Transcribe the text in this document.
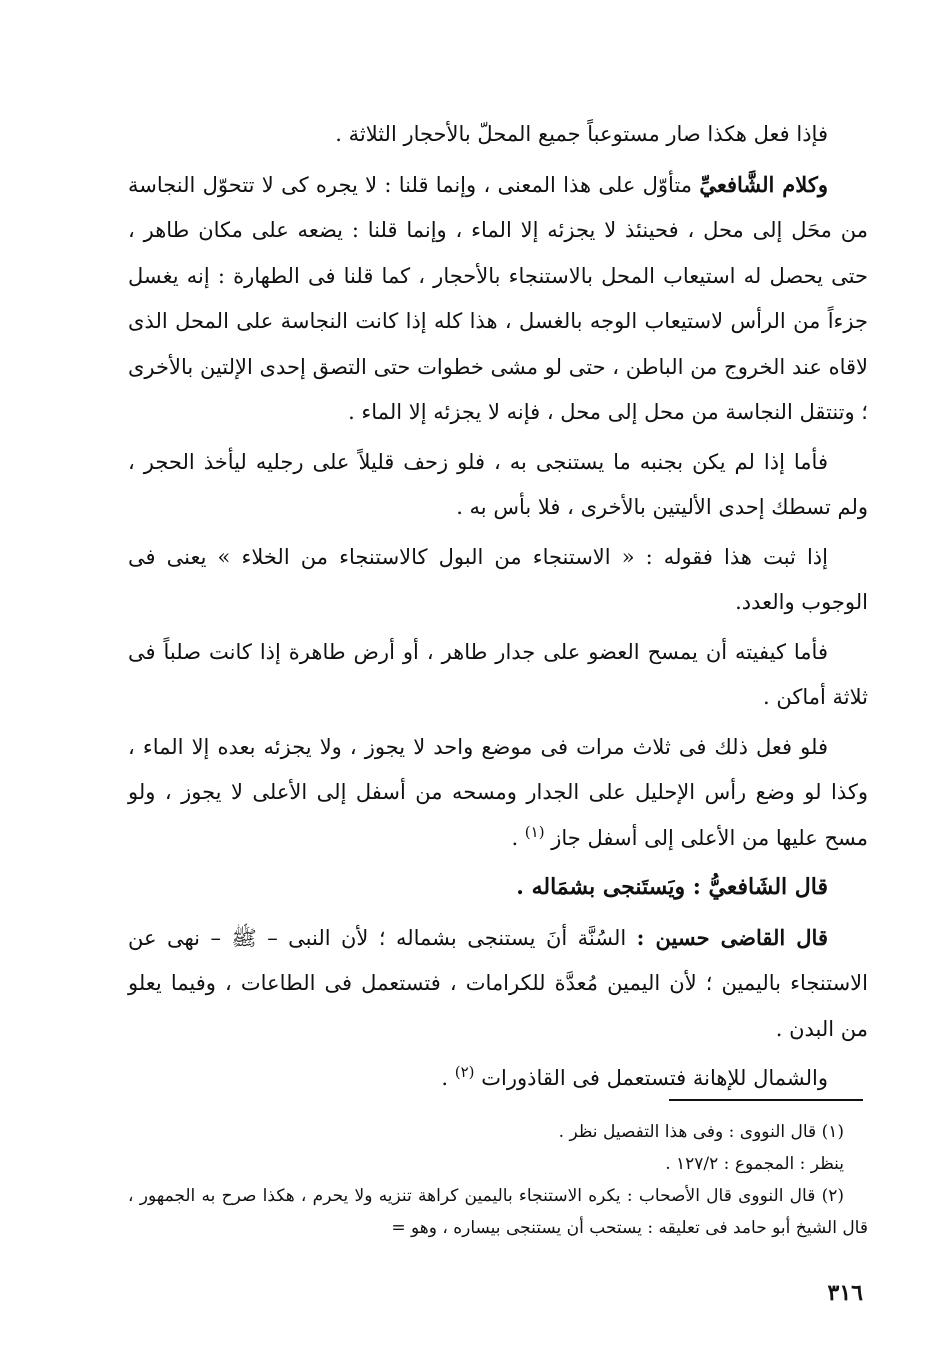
فإذا فعل هكذا صار مستوعباً جميع المحلّ بالأحجار الثلاثة .

وكلام الشَّافعيِّ متأوّل على هذا المعنى ، وإنما قلنا : لا يجره كى لا تتحوّل النجاسة من محَل إلى محل ، فحينئذ لا يجزئه إلا الماء ، وإنما قلنا : يضعه على مكان طاهر ، حتى يحصل له استيعاب المحل بالاستنجاء بالأحجار ، كما قلنا فى الطهارة : إنه يغسل جزءاً من الرأس لاستيعاب الوجه بالغسل ، هذا كله إذا كانت النجاسة على المحل الذى لاقاه عند الخروج من الباطن ، حتى لو مشى خطوات حتى التصق إحدى الإلتين بالأخرى ؛ وتنتقل النجاسة من محل إلى محل ، فإنه لا يجزئه إلا الماء .

فأما إذا لم يكن بجنبه ما يستنجى به ، فلو زحف قليلاً على رجليه ليأخذ الحجر ، ولم تسطك إحدى الأليتين بالأخرى ، فلا بأس به .

إذا ثبت هذا فقوله : « الاستنجاء من البول كالاستنجاء من الخلاء » يعنى فى الوجوب والعدد.

فأما كيفيته أن يمسح العضو على جدار طاهر ، أو أرض طاهرة إذا كانت صلباً فى ثلاثة أماكن .

فلو فعل ذلك فى ثلاث مرات فى موضع واحد لا يجوز ، ولا يجزئه بعده إلا الماء ، وكذا لو وضع رأس الإحليل على الجدار ومسحه من أسفل إلى الأعلى لا يجوز ، ولو مسح عليها من الأعلى إلى أسفل جاز $^{(١)}$ .

قال الشَافعيُّ : ويَستَنجى بشمَاله .

قال القاضى حسين : السُنَّة أنَ يستنجى بشماله ؛ لأن النبى – ﷺ – نهى عن الاستنجاء باليمين ؛ لأن اليمين مُعدَّة للكرامات ، فتستعمل فى الطاعات ، وفيما يعلو من البدن .

والشمال للإهانة فتستعمل فى القاذورات $^{(٢)}$ .

(١) قال النووى : وفى هذا التفصيل نظر .

ينظر : المجموع : ١٢٧/٢ .

(٢) قال النووى قال الأصحاب : يكره الاستنجاء باليمين كراهة تنزيه ولا يحرم ، هكذا صرح به الجمهور ، قال الشيخ أبو حامد فى تعليقه : يستحب أن يستنجى بيساره ، وهو =

٣١٦
